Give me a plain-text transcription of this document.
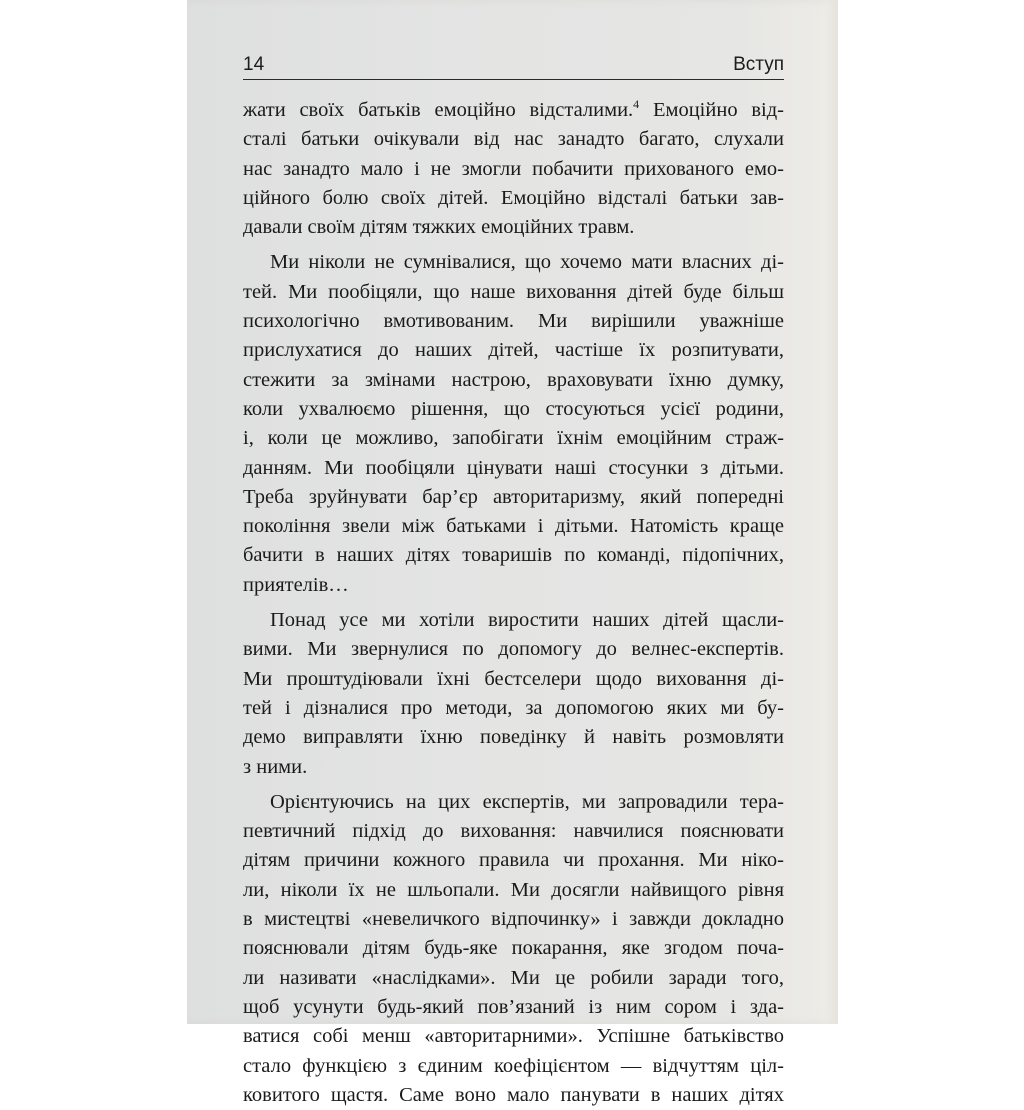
14	Вступ
жати своїх батьків емоційно відсталими.$^4$ Емоційно від-
сталі батьки очікували від нас занадто багато, слухали
нас занадто мало і не змогли побачити прихованого емо-
ційного болю своїх дітей. Емоційно відсталі батьки зав-
давали своїм дітям тяжких емоційних травм.
Ми ніколи не сумнівалися, що хочемо мати власних ді-
тей. Ми пообіцяли, що наше виховання дітей буде більш
психологічно вмотивованим. Ми вирішили уважніше
прислухатися до наших дітей, частіше їх розпитувати,
стежити за змінами настрою, враховувати їхню думку,
коли ухвалюємо рішення, що стосуються усієї родини,
і, коли це можливо, запобігати їхнім емоційним страж-
данням. Ми пообіцяли цінувати наші стосунки з дітьми.
Треба зруйнувати бар’єр авторитаризму, який попередні
покоління звели між батьками і дітьми. Натомість краще
бачити в наших дітях товаришів по команді, підопічних,
приятелів…
Понад усе ми хотіли виростити наших дітей щасли-
вими. Ми звернулися по допомогу до велнес-експертів.
Ми проштудіювали їхні бестселери щодо виховання ді-
тей і дізналися про методи, за допомогою яких ми бу-
демо виправляти їхню поведінку й навіть розмовляти
з ними.
Орієнтуючись на цих експертів, ми запровадили тера-
певтичний підхід до виховання: навчилися пояснювати
дітям причини кожного правила чи прохання. Ми ніко-
ли, ніколи їх не шльопали. Ми досягли найвищого рівня
в мистецтві «невеличкого відпочинку» і завжди докладно
пояснювали дітям будь-яке покарання, яке згодом поча-
ли називати «наслідками». Ми це робили заради того,
щоб усунути будь-який пов’язаний із ним сором і зда-
ватися собі менш «авторитарними». Успішне батьківство
стало функцією з єдиним коефіцієнтом — відчуттям ціл-
ковитого щастя. Саме воно мало панувати в наших дітях
